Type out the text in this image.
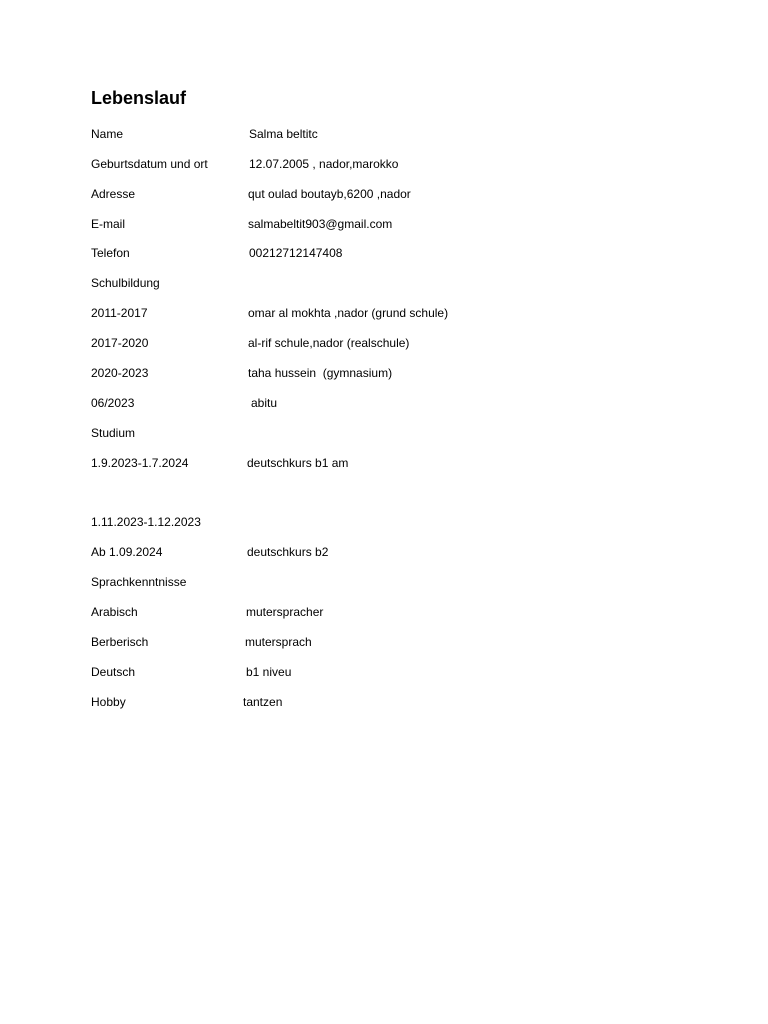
Lebenslauf
Name	Salma beltitc
Geburtsdatum und ort	12.07.2005 , nador,marokko
Adresse	qut oulad boutayb,6200 ,nador
E-mail	salmabeltit903@gmail.com
Telefon	00212712147408
Schulbildung
2011-2017	omar al mokhta ,nador (grund schule)
2017-2020	al-rif schule,nador (realschule)
2020-2023	taha hussein  (gymnasium)
06/2023	abitu
Studium
1.9.2023-1.7.2024	deutschkurs b1 am
1.11.2023-1.12.2023
Ab 1.09.2024	deutschkurs b2
Sprachkenntnisse
Arabisch	muterspracher
Berberisch	mutersprach
Deutsch	b1 niveu
Hobby	tantzen
